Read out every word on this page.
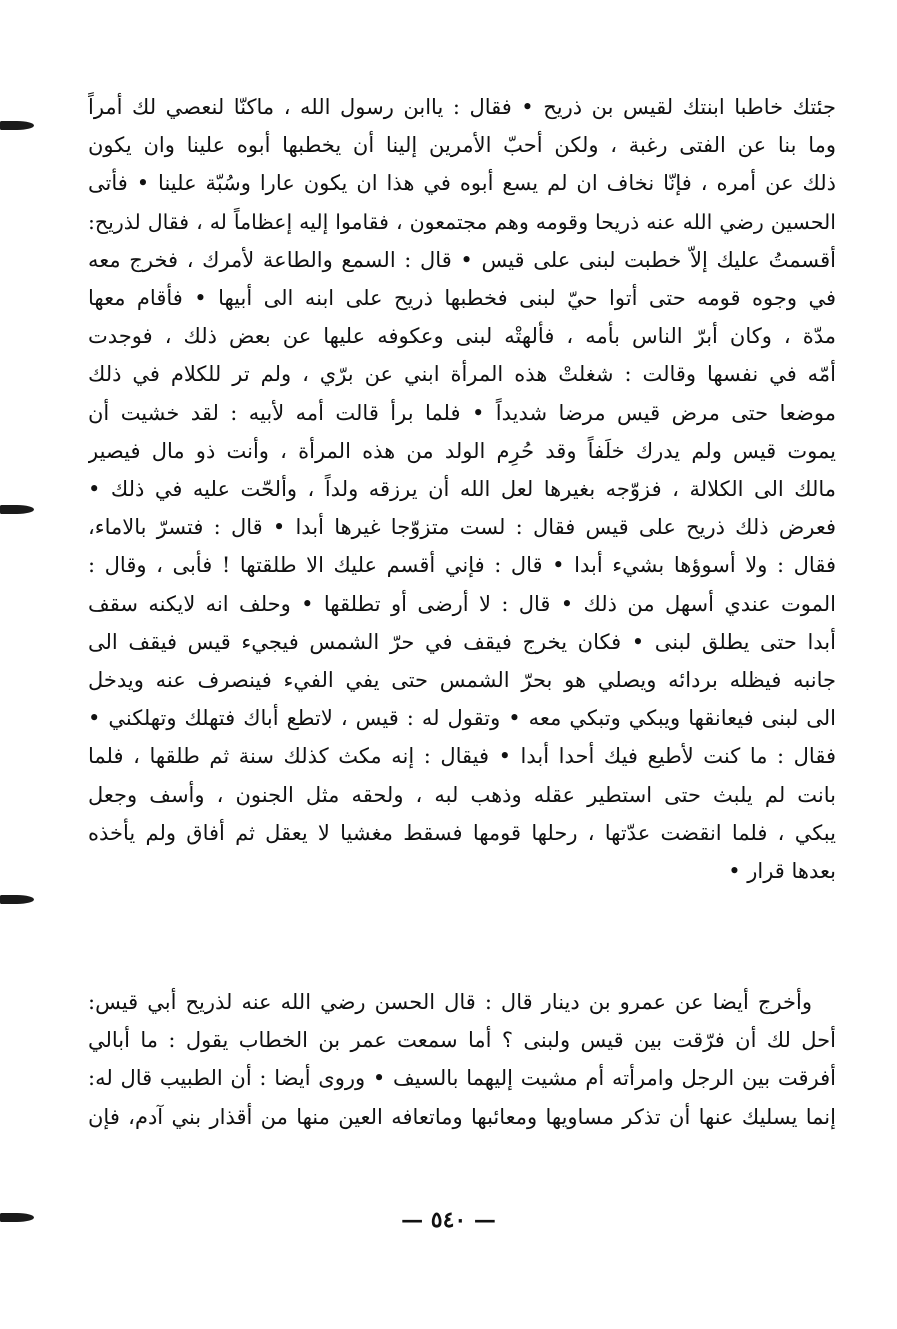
جئتك خاطبا ابنتك لقيس بن ذريح • فقال : ياابن رسول الله ، ماكنّا لنعصي لك أمراً
وما بنا عن الفتى رغبة ، ولكن أحبّ الأمرين إلينا أن يخطبها أبوه علينا وان يكون
ذلك عن أمره ، فإنّا نخاف ان لم يسع أبوه في هذا ان يكون عارا وسُبّة علينا • فأتى
الحسين رضي الله عنه ذريحا وقومه وهم مجتمعون ، فقاموا إليه إعظاماً له ، فقال لذريح:
أقسمتُ عليك إلاّ خطبت لبنى على قيس • قال : السمع والطاعة لأمرك ، فخرج معه
في وجوه قومه حتى أتوا حيّ لبنى فخطبها ذريح على ابنه الى أبيها • فأقام معها
مدّة ، وكان أبرّ الناس بأمه ، فألهتْه لبنى وعكوفه عليها عن بعض ذلك ، فوجدت
أمّه في نفسها وقالت : شغلتْ هذه المرأة ابني عن برّي ، ولم تر للكلام في ذلك
موضعا حتى مرض قيس مرضا شديداً • فلما برأ قالت أمه لأبيه : لقد خشيت أن
يموت قيس ولم يدرك خلَفاً وقد حُرِم الولد من هذه المرأة ، وأنت ذو مال فيصير
مالك الى الكلالة ، فزوّجه بغيرها لعل الله أن يرزقه ولداً ، وألحّت عليه في ذلك •
فعرض ذلك ذريح على قيس فقال : لست متزوّجا غيرها أبدا • قال : فتسرّ بالاماء،
فقال : ولا أسوؤها بشيء أبدا • قال : فإني أقسم عليك الا طلقتها ! فأبى ، وقال :
الموت عندي أسهل من ذلك • قال : لا أرضى أو تطلقها • وحلف انه لايكنه سقف
أبدا حتى يطلق لبنى • فكان يخرج فيقف في حرّ الشمس فيجيء قيس فيقف الى
جانبه فيظله بردائه ويصلي هو بحرّ الشمس حتى يفي الفيء فينصرف عنه ويدخل
الى لبنى فيعانقها ويبكي وتبكي معه • وتقول له : قيس ، لاتطع أباك فتهلك وتهلكني •
فقال : ما كنت لأطيع فيك أحدا أبدا • فيقال : إنه مكث كذلك سنة ثم طلقها ، فلما
بانت لم يلبث حتى استطير عقله وذهب لبه ، ولحقه مثل الجنون ، وأسف وجعل
يبكي ، فلما انقضت عدّتها ، رحلها قومها فسقط مغشيا لا يعقل ثم أفاق ولم يأخذه
بعدها قرار •
وأخرج أيضا عن عمرو بن دينار قال : قال الحسن رضي الله عنه لذريح أبي قيس:
أحل لك أن فرّقت بين قيس ولبنى ؟ أما سمعت عمر بن الخطاب يقول : ما أبالي
أفرقت بين الرجل وامرأته أم مشيت إليهما بالسيف • وروى أيضا : أن الطبيب قال له:
إنما يسليك عنها أن تذكر مساويها ومعائبها وماتعافه العين منها من أقذار بني آدم، فإن
— ٥٤٠ —
